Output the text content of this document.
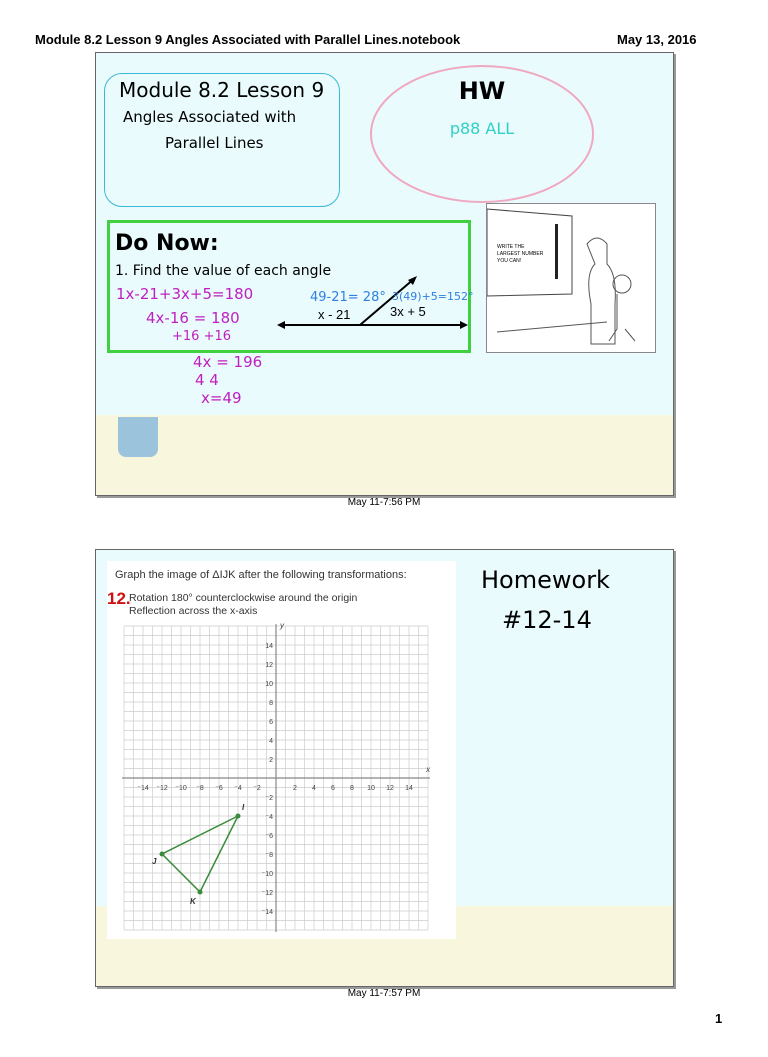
Module 8.2 Lesson 9 Angles Associated with Parallel Lines.notebook	May 13, 2016
Module 8.2 Lesson 9
Angles Associated with
Parallel Lines
HW
p88 ALL
WRITE THE LARGEST NUMBER YOU CAN!
Do Now:
1. Find the value of each angle
x - 21	3x + 5
49-21= 28° 3(49)+5=152°
1x-21+3x+5=180
4x-16 = 180
+16 +16
4x = 196
4 4
x=49
May 11-7:56 PM
Graph the image of ΔIJK after the following transformations:
12.
Rotation 180° counterclockwise around the origin
Reflection across the x-axis
x
y
⁻14 ⁻12 ⁻10 ⁻8 ⁻6 ⁻4 ⁻2	2 4 6 8 10 12 14
14
12
10
8
6
4
2
⁻2
⁻4
⁻6
⁻8
⁻10
⁻12
⁻14
I
J
K
Homework
#12-14
May 11-7:57 PM
1
